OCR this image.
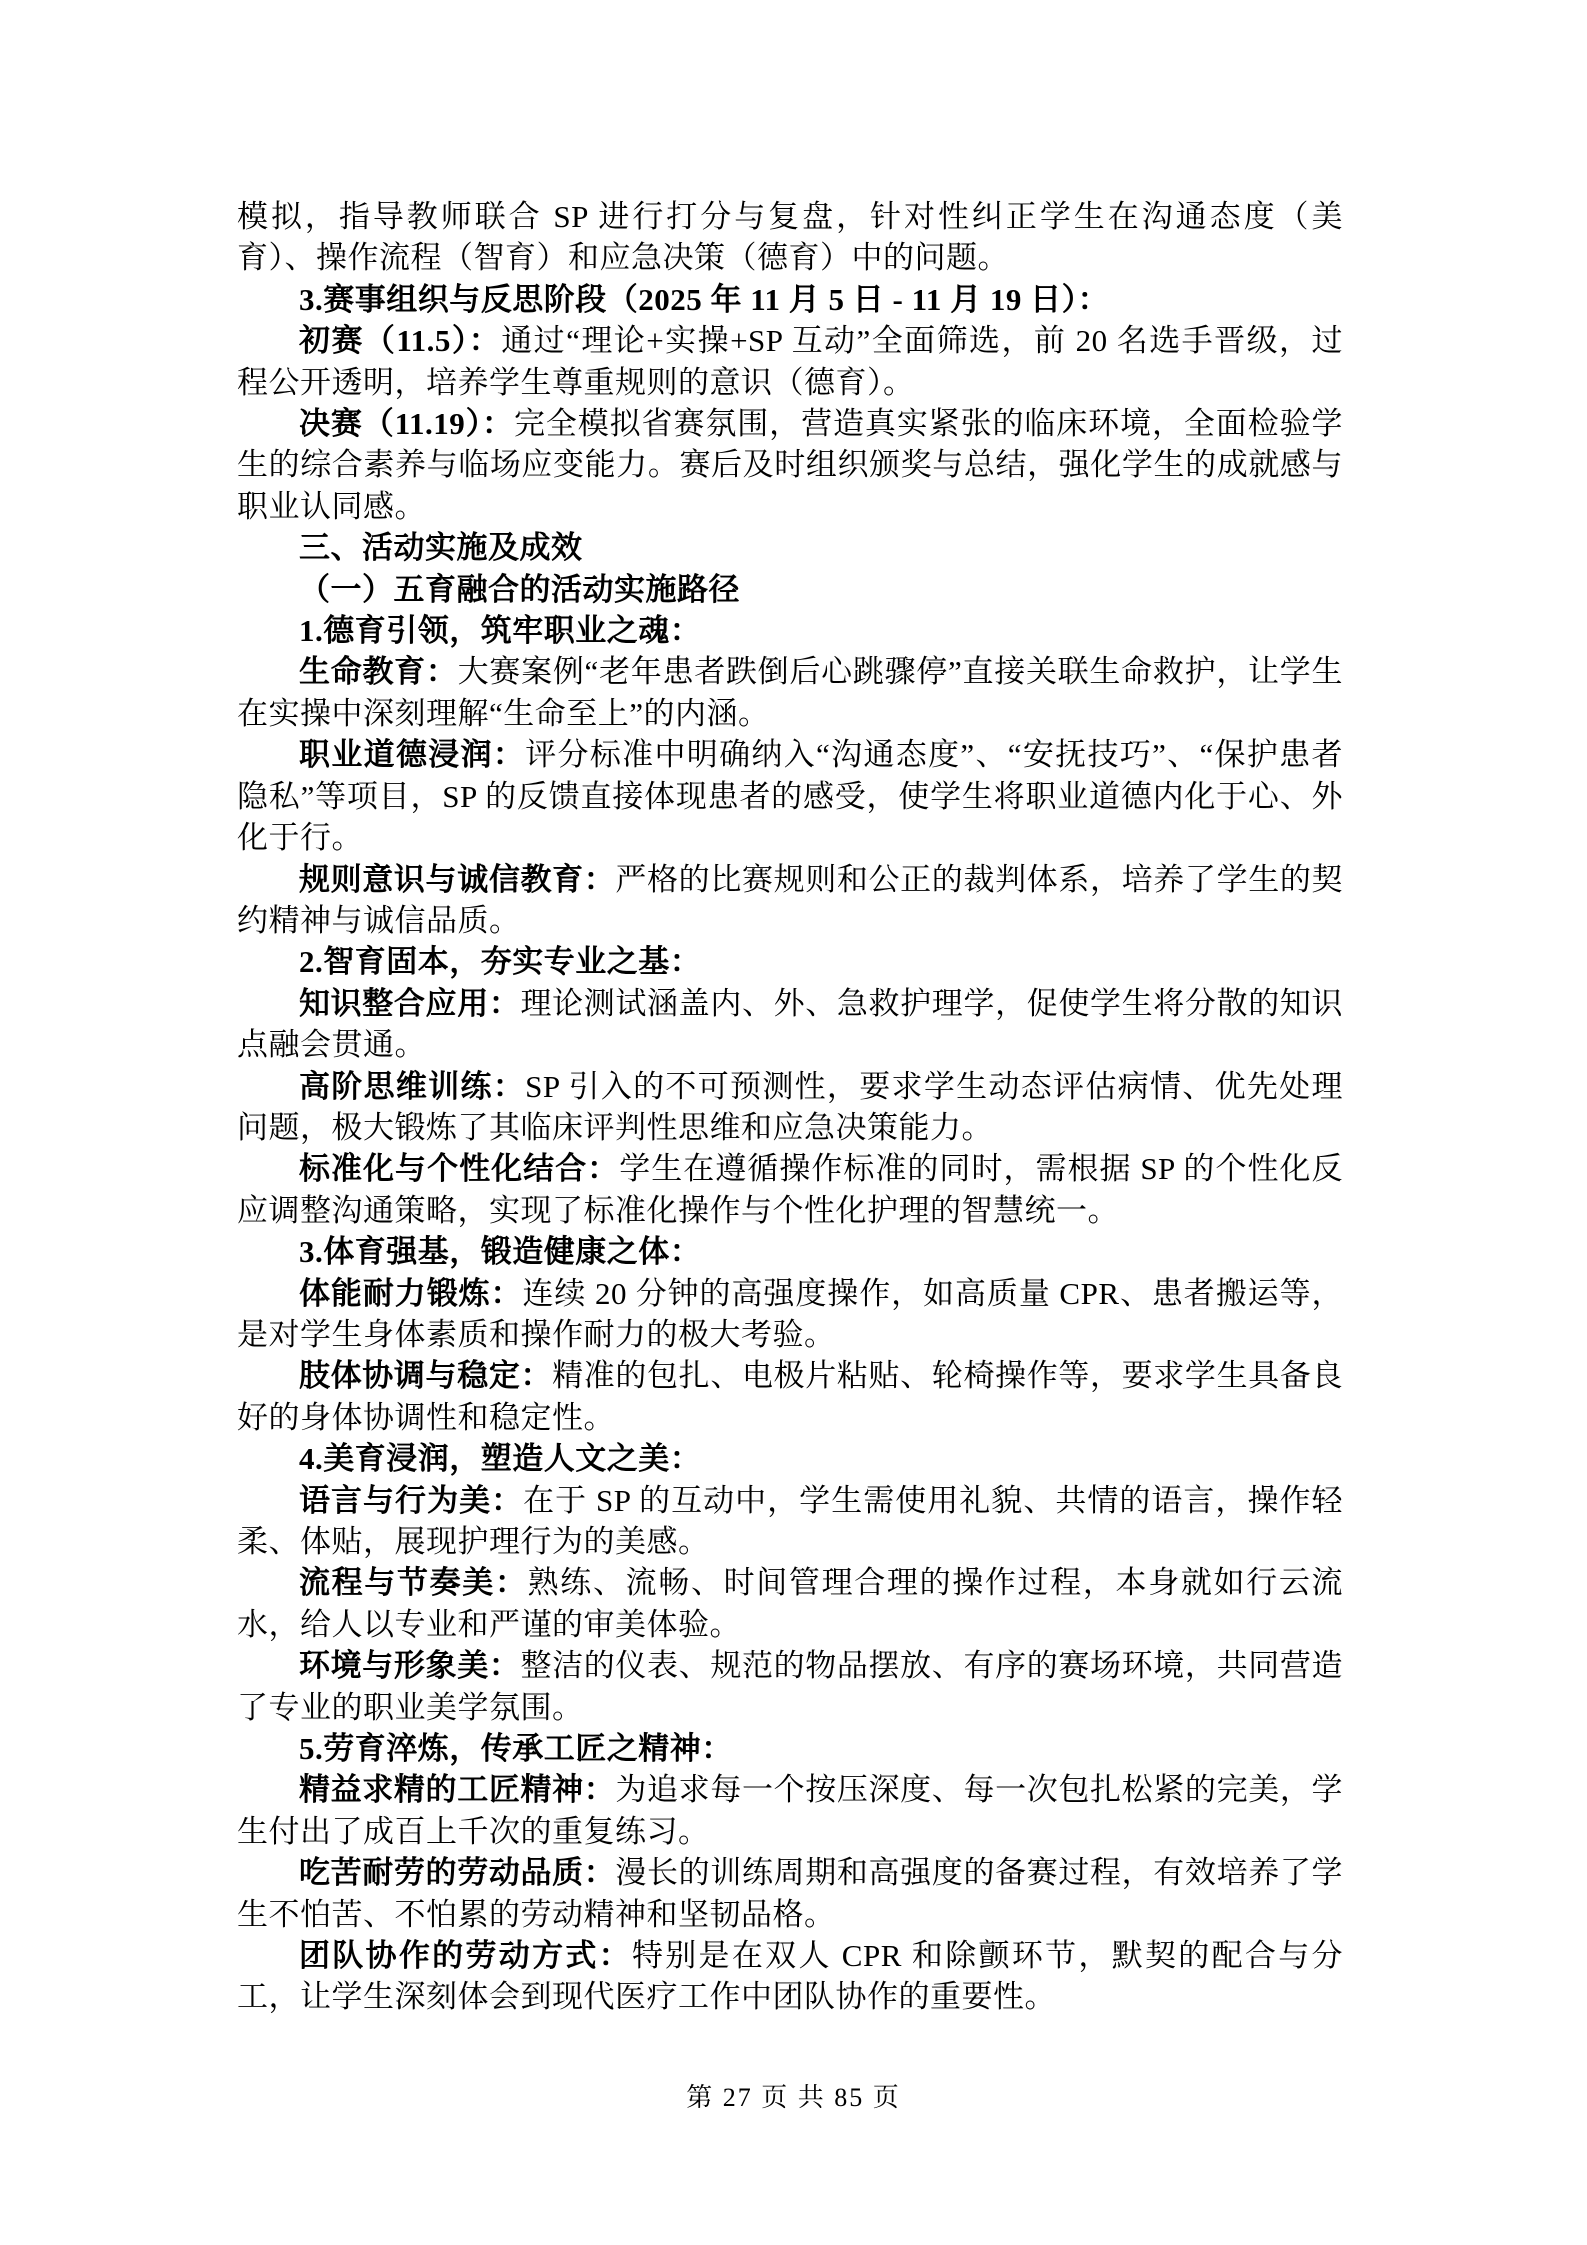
模拟，指导教师联合 SP 进行打分与复盘，针对性纠正学生在沟通态度（美育）、操作流程（智育）和应急决策（德育）中的问题。

3.赛事组织与反思阶段（2025 年 11 月 5 日 - 11 月 19 日）：

初赛（11.5）：通过“理论+实操+SP 互动”全面筛选，前 20 名选手晋级，过程公开透明，培养学生尊重规则的意识（德育）。

决赛（11.19）：完全模拟省赛氛围，营造真实紧张的临床环境，全面检验学生的综合素养与临场应变能力。赛后及时组织颁奖与总结，强化学生的成就感与职业认同感。

三、活动实施及成效

（一）五育融合的活动实施路径

1.德育引领，筑牢职业之魂：

生命教育：大赛案例“老年患者跌倒后心跳骤停”直接关联生命救护，让学生在实操中深刻理解“生命至上”的内涵。

职业道德浸润：评分标准中明确纳入“沟通态度”、“安抚技巧”、“保护患者隐私”等项目，SP 的反馈直接体现患者的感受，使学生将职业道德内化于心、外化于行。

规则意识与诚信教育：严格的比赛规则和公正的裁判体系，培养了学生的契约精神与诚信品质。

2.智育固本，夯实专业之基：

知识整合应用：理论测试涵盖内、外、急救护理学，促使学生将分散的知识点融会贯通。

高阶思维训练：SP 引入的不可预测性，要求学生动态评估病情、优先处理问题，极大锻炼了其临床评判性思维和应急决策能力。

标准化与个性化结合：学生在遵循操作标准的同时，需根据 SP 的个性化反应调整沟通策略，实现了标准化操作与个性化护理的智慧统一。

3.体育强基，锻造健康之体：

体能耐力锻炼：连续 20 分钟的高强度操作，如高质量 CPR、患者搬运等，是对学生身体素质和操作耐力的极大考验。

肢体协调与稳定：精准的包扎、电极片粘贴、轮椅操作等，要求学生具备良好的身体协调性和稳定性。

4.美育浸润，塑造人文之美：

语言与行为美：在于 SP 的互动中，学生需使用礼貌、共情的语言，操作轻柔、体贴，展现护理行为的美感。

流程与节奏美：熟练、流畅、时间管理合理的操作过程，本身就如行云流水，给人以专业和严谨的审美体验。

环境与形象美：整洁的仪表、规范的物品摆放、有序的赛场环境，共同营造了专业的职业美学氛围。

5.劳育淬炼，传承工匠之精神：

精益求精的工匠精神：为追求每一个按压深度、每一次包扎松紧的完美，学生付出了成百上千次的重复练习。

吃苦耐劳的劳动品质：漫长的训练周期和高强度的备赛过程，有效培养了学生不怕苦、不怕累的劳动精神和坚韧品格。

团队协作的劳动方式：特别是在双人 CPR 和除颤环节，默契的配合与分工，让学生深刻体会到现代医疗工作中团队协作的重要性。

第 27 页 共 85 页
